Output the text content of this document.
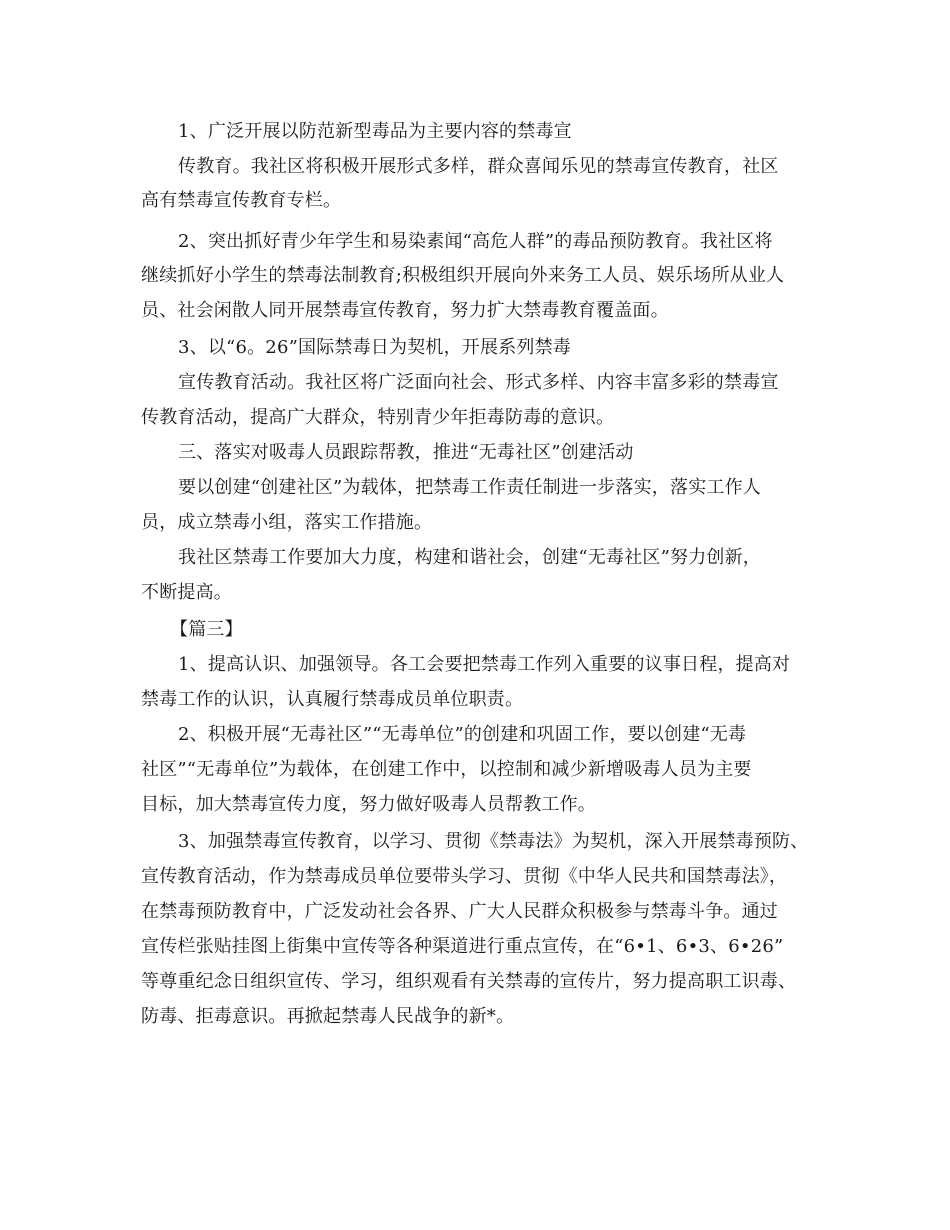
1、广泛开展以防范新型毒品为主要内容的禁毒宣
传教育。我社区将积极开展形式多样，群众喜闻乐见的禁毒宣传教育，社区
高有禁毒宣传教育专栏。
2、突出抓好青少年学生和易染素闻“高危人群”的毒品预防教育。我社区将
继续抓好小学生的禁毒法制教育;积极组织开展向外来务工人员、娱乐场所从业人
员、社会闲散人同开展禁毒宣传教育，努力扩大禁毒教育覆盖面。
3、以“6。26”国际禁毒日为契机，开展系列禁毒
宣传教育活动。我社区将广泛面向社会、形式多样、内容丰富多彩的禁毒宣
传教育活动，提高广大群众，特别青少年拒毒防毒的意识。
三、落实对吸毒人员跟踪帮教，推进“无毒社区”创建活动
要以创建“创建社区”为载体，把禁毒工作责任制进一步落实，落实工作人
员，成立禁毒小组，落实工作措施。
我社区禁毒工作要加大力度，构建和谐社会，创建“无毒社区”努力创新，
不断提高。
【篇三】
1、提高认识、加强领导。各工会要把禁毒工作列入重要的议事日程，提高对
禁毒工作的认识，认真履行禁毒成员单位职责。
2、积极开展“无毒社区”“无毒单位”的创建和巩固工作，要以创建“无毒
社区”“无毒单位”为载体，在创建工作中，以控制和减少新增吸毒人员为主要
目标，加大禁毒宣传力度，努力做好吸毒人员帮教工作。
3、加强禁毒宣传教育，以学习、贯彻《禁毒法》为契机，深入开展禁毒预防、
宣传教育活动，作为禁毒成员单位要带头学习、贯彻《中华人民共和国禁毒法》，
在禁毒预防教育中，广泛发动社会各界、广大人民群众积极参与禁毒斗争。通过
宣传栏张贴挂图上街集中宣传等各种渠道进行重点宣传，在“6•1、6•3、6•26”
等尊重纪念日组织宣传、学习，组织观看有关禁毒的宣传片，努力提高职工识毒、
防毒、拒毒意识。再掀起禁毒人民战争的新*。
